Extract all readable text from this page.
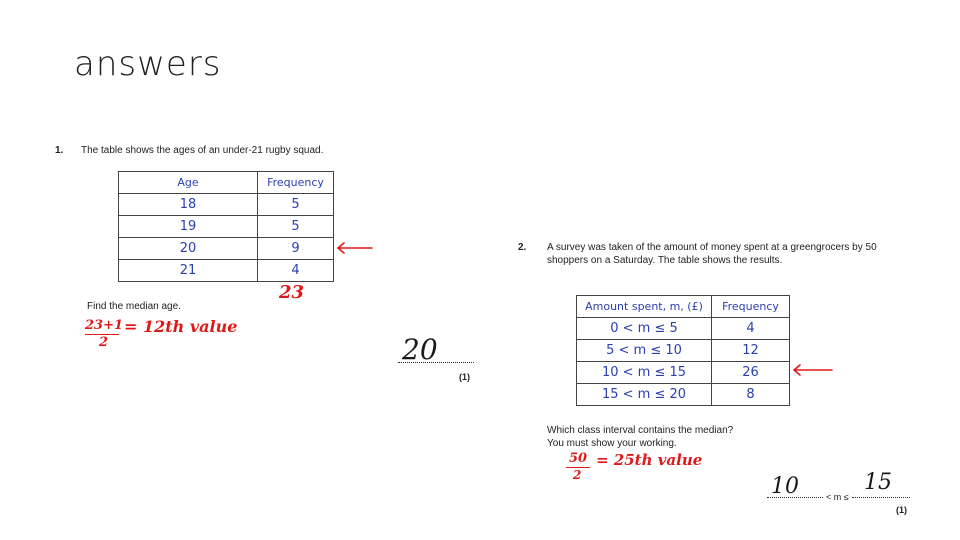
answers
1. The table shows the ages of an under-21 rugby squad.
Age	Frequency
18	5
19	5
20	9
21	4
23
Find the median age.
23+1
2
= 12th value
20
(1)
2. A survey was taken of the amount of money spent at a greengrocers by 50
shoppers on a Saturday. The table shows the results.
Amount spent, m, (£)	Frequency
0 < m ≤ 5	4
5 < m ≤ 10	12
10 < m ≤ 15	26
15 < m ≤ 20	8
Which class interval contains the median?
You must show your working.
50
2
= 25th value
10	< m ≤
15
(1)
